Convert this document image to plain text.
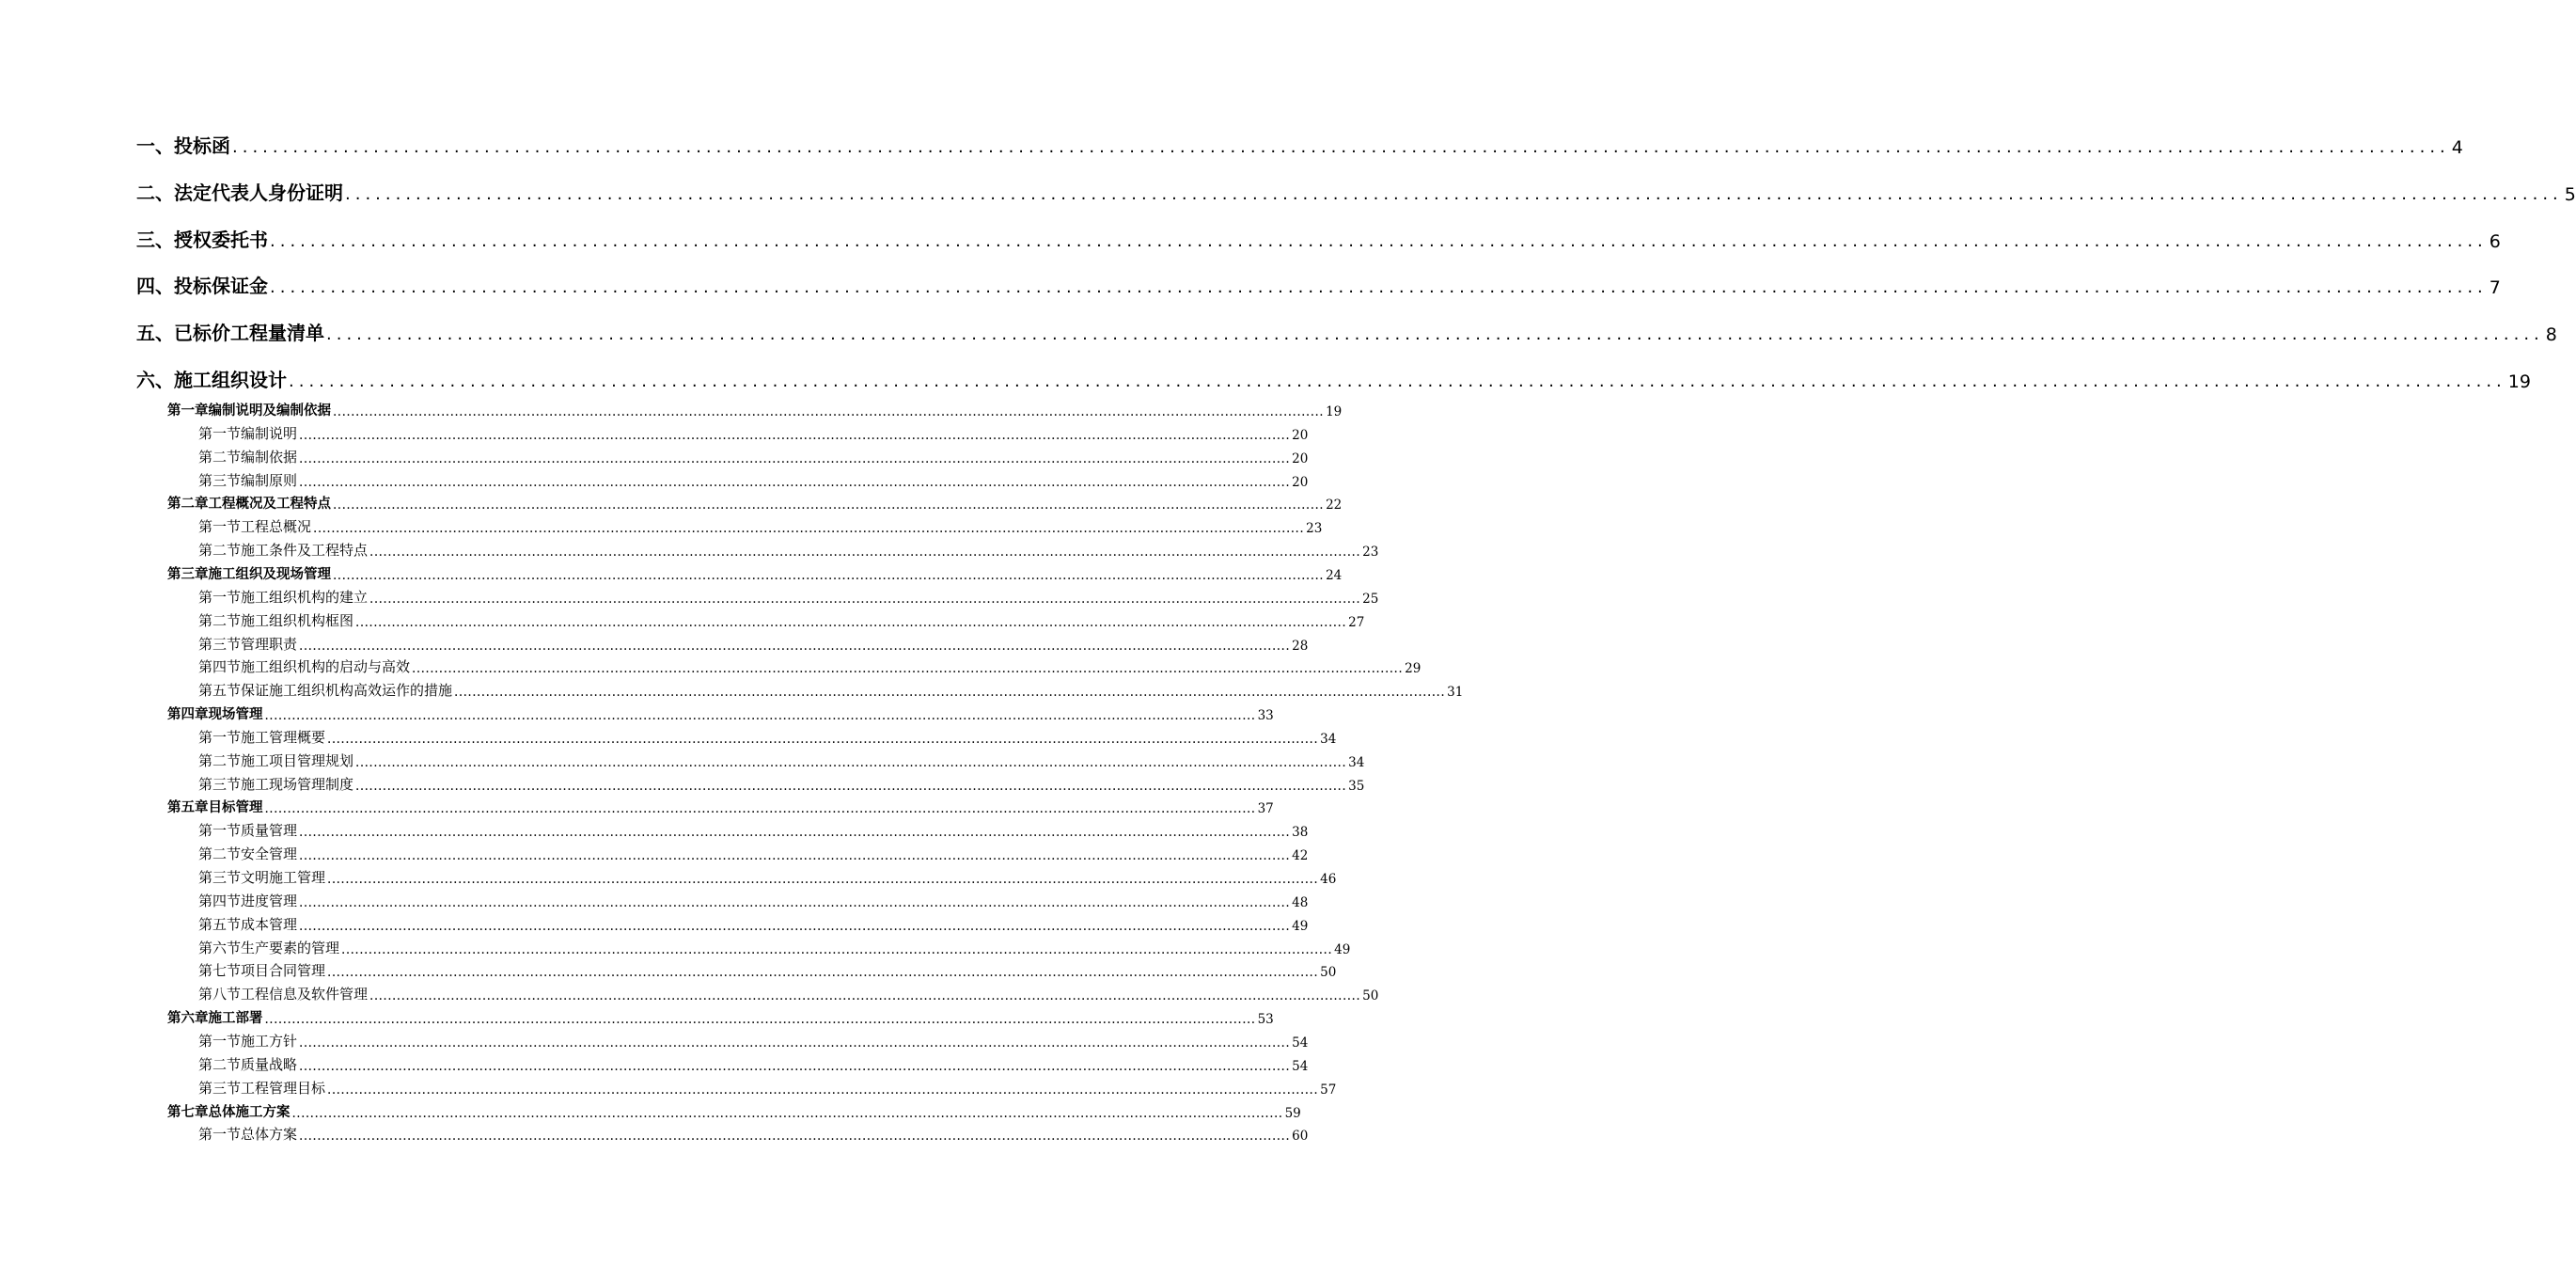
一、投标函 ............................................................................................................................................................................................................................ 4
二、法定代表人身份证明 ............................................................................................................................................................................................................................ 5
三、授权委托书 ............................................................................................................................................................................................................................ 6
四、投标保证金 ............................................................................................................................................................................................................................ 7
五、已标价工程量清单 ............................................................................................................................................................................................................................ 8
六、施工组织设计 ............................................................................................................................................................................................................................ 19
第一章 编制说明及编制依据 ............................................................................................................................................................................................................................ 19
第一节 编制说明 ............................................................................................................................................................................................................................ 20
第二节 编制依据 ............................................................................................................................................................................................................................ 20
第三节 编制原则 ............................................................................................................................................................................................................................ 20
第二章 工程概况及工程特点 ............................................................................................................................................................................................................................ 22
第一节 工程总概况 ............................................................................................................................................................................................................................ 23
第二节 施工条件及工程特点 ............................................................................................................................................................................................................................ 23
第三章 施工组织及现场管理 ............................................................................................................................................................................................................................ 24
第一节 施工组织机构的建立 ............................................................................................................................................................................................................................ 25
第二节 施工组织机构框图 ............................................................................................................................................................................................................................ 27
第三节 管理职责 ............................................................................................................................................................................................................................ 28
第四节 施工组织机构的启动与高效 ............................................................................................................................................................................................................................ 29
第五节 保证施工组织机构高效运作的措施 ............................................................................................................................................................................................................................ 31
第四章 现场管理 ............................................................................................................................................................................................................................ 33
第一节 施工管理概要 ............................................................................................................................................................................................................................ 34
第二节 施工项目管理规划 ............................................................................................................................................................................................................................ 34
第三节 施工现场管理制度 ............................................................................................................................................................................................................................ 35
第五章 目标管理 ............................................................................................................................................................................................................................ 37
第一节 质量管理 ............................................................................................................................................................................................................................ 38
第二节 安全管理 ............................................................................................................................................................................................................................ 42
第三节 文明施工管理 ............................................................................................................................................................................................................................ 46
第四节 进度管理 ............................................................................................................................................................................................................................ 48
第五节 成本管理 ............................................................................................................................................................................................................................ 49
第六节 生产要素的管理 ............................................................................................................................................................................................................................ 49
第七节 项目合同管理 ............................................................................................................................................................................................................................ 50
第八节 工程信息及软件管理 ............................................................................................................................................................................................................................ 50
第六章 施工部署 ............................................................................................................................................................................................................................ 53
第一节 施工方针 ............................................................................................................................................................................................................................ 54
第二节 质量战略 ............................................................................................................................................................................................................................ 54
第三节 工程管理目标 ............................................................................................................................................................................................................................ 57
第七章 总体施工方案 ............................................................................................................................................................................................................................ 59
第一节 总体方案 ............................................................................................................................................................................................................................ 60
